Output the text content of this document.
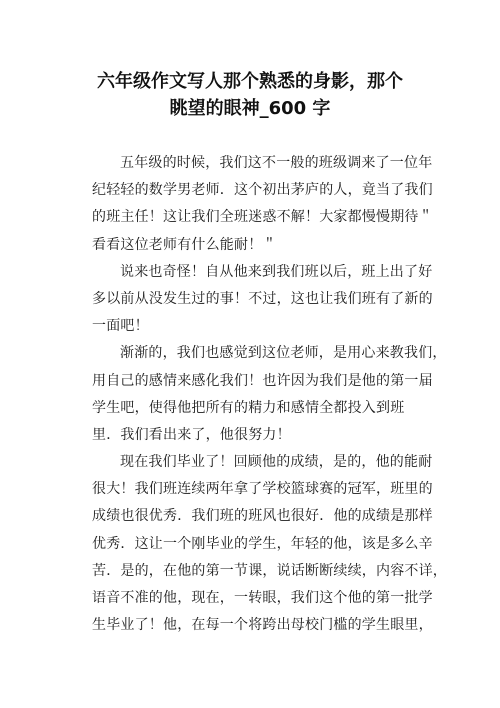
六年级作文写人那个熟悉的身影，那个
眺望的眼神_600 字
五年级的时候，我们这不一般的班级调来了一位年
纪轻轻的数学男老师．这个初出茅庐的人，竟当了我们
的班主任！这让我们全班迷惑不解！大家都慢慢期待＂
看看这位老师有什么能耐！＂
说来也奇怪！自从他来到我们班以后，班上出了好
多以前从没发生过的事！不过，这也让我们班有了新的
一面吧！
渐渐的，我们也感觉到这位老师，是用心来教我们，
用自己的感情来感化我们！也许因为我们是他的第一届
学生吧，使得他把所有的精力和感情全都投入到班
里．我们看出来了，他很努力！
现在我们毕业了！回顾他的成绩，是的，他的能耐
很大！我们班连续两年拿了学校篮球赛的冠军，班里的
成绩也很优秀．我们班的班风也很好．他的成绩是那样
优秀．这让一个刚毕业的学生，年轻的他，该是多么辛
苦．是的，在他的第一节课，说话断断续续，内容不详，
语音不准的他，现在，一转眼，我们这个他的第一批学
生毕业了！他，在每一个将跨出母校门槛的学生眼里，
